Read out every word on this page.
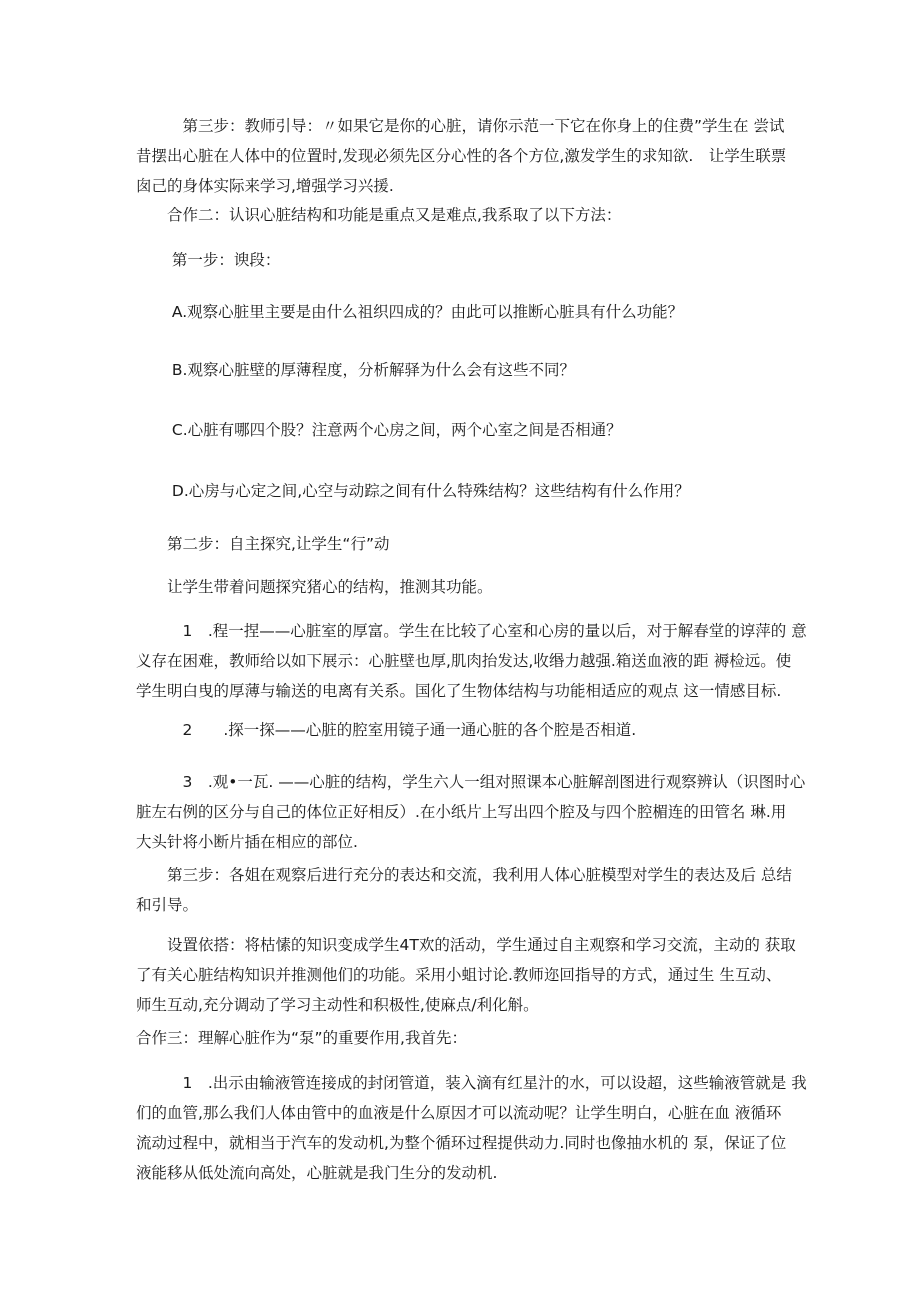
　　　第三步：教师引导：〃如果它是你的心脏，请你示范一下它在你身上的住费”学生在 尝试
昔摆出心脏在人体中的位置时,发现必须先区分心性的各个方位,激发学生的求知欲.　让学生联票
囱己的身体实际来学习,增强学习兴援.
　　合作二：认识心脏结构和功能是重点又是难点,我系取了以下方法：
　　 第一步：谀段：
　　 A.观察心脏里主要是由什么祖织四成的？由此可以推断心脏具有什么功能？
　　 B.观察心脏壁的厚薄程度，分析解驿为什么会有这些不同？
　　 C.心脏有哪四个股？注意两个心房之间，两个心室之间是否相通？
　　 D.心房与心定之间,心空与动踪之间有什么特殊结构？这些结构有什么作用？
　　第二步：自主探究,让学生“行”动
　　让学生带着问题探究猪心的结构，推测其功能。
　　　1　.程一捏——心脏室的厚富。学生在比较了心室和心房的量以后，对于解春堂的谆萍的 意
义存在困难，教师给以如下展示：心脏壁也厚,肌肉抬发达,收缗力越强.箱送血液的距 褥检远。使
学生明白曳的厚薄与输送的电离有关系。国化了生物体结构与功能相适应的观点 这一情感目标.
　　　2　　.探一探——心脏的腔室用镜子通一通心脏的各个腔是否相道.
　　　3　.观•一瓦. ——心脏的结构，学生六人一组对照课本心脏解剖图进行观察辨认（识图时心
脏左右例的区分与自己的体位正好相反）.在小纸片上写出四个腔及与四个腔楣连的田管名 琳.用
大头针将小断片插在相应的部位.
　　第三步：各姐在观察后进行充分的表达和交流，我利用人体心脏模型对学生的表达及后 总结
和引导。
　　设置依搭：将枯愫的知识变成学生4T欢的活动，学生通过自主观察和学习交流，主动的 获取
了有关心脏结构知识并推测他们的功能。采用小蛆讨论.教师迩回指导的方式，通过生 生互动、
师生互动,充分调动了学习主动性和积极性,使麻点/利化斛。
合作三：理解心脏作为“泵”的重要作用,我首先：
　　　1　.出示由输液管连接成的封闭管道，装入滴有红星汁的水，可以设超，这些输液管就是 我
们的血管,那么我们人体由管中的血液是什么原因才可以流动呢？让学生明白，心脏在血 液循环
流动过程中，就相当于汽车的发动机,为整个循环过程提供动力.同时也像抽水机的 泵，保证了位
液能移从低处流向高处，心脏就是我门生分的发动机.
